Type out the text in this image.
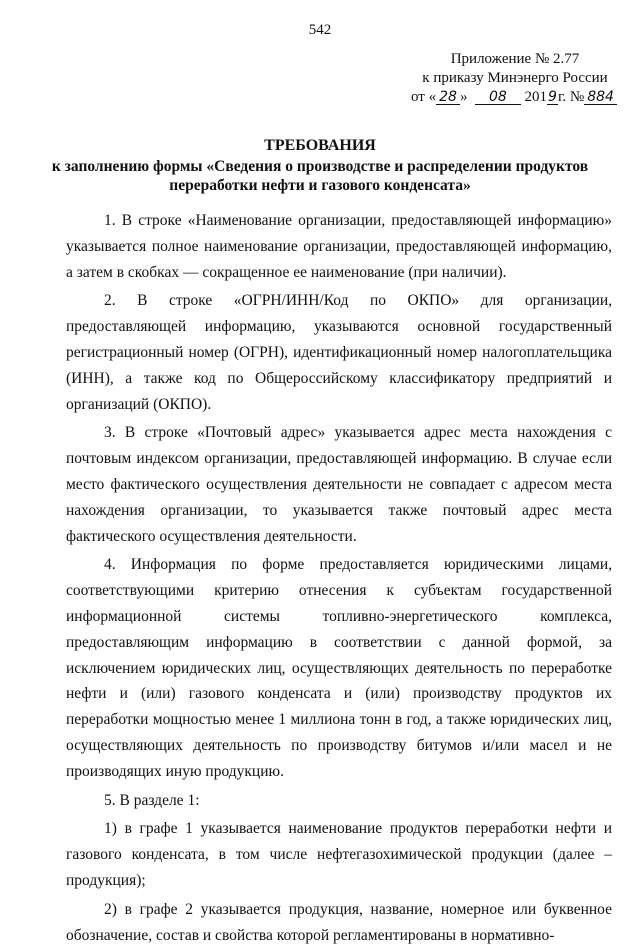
542
Приложение № 2.77
к приказу Минэнерго России
от « 28 » 08 2019г. № 884
ТРЕБОВАНИЯ
к заполнению формы «Сведения о производстве и распределении продуктов
переработки нефти и газового конденсата»

1. В строке «Наименование организации, предоставляющей информацию» указывается полное наименование организации, предоставляющей информацию, а затем в скобках — сокращенное ее наименование (при наличии).

2. В строке «ОГРН/ИНН/Код по ОКПО» для организации, предоставляющей информацию, указываются основной государственный регистрационный номер (ОГРН), идентификационный номер налогоплательщика (ИНН), а также код по Общероссийскому классификатору предприятий и организаций (ОКПО).

3. В строке «Почтовый адрес» указывается адрес места нахождения с почтовым индексом организации, предоставляющей информацию. В случае если место фактического осуществления деятельности не совпадает с адресом места нахождения организации, то указывается также почтовый адрес места фактического осуществления деятельности.

4. Информация по форме предоставляется юридическими лицами, соответствующими критерию отнесения к субъектам государственной информационной системы топливно-энергетического комплекса, предоставляющим информацию в соответствии с данной формой, за исключением юридических лиц, осуществляющих деятельность по переработке нефти и (или) газового конденсата и (или) производству продуктов их переработки мощностью менее 1 миллиона тонн в год, а также юридических лиц, осуществляющих деятельность по производству битумов и/или масел и не производящих иную продукцию.

5. В разделе 1:

1) в графе 1 указывается наименование продуктов переработки нефти и газового конденсата, в том числе нефтегазохимической продукции (далее – продукция);

2) в графе 2 указывается продукция, название, номерное или буквенное обозначение, состав и свойства которой регламентированы в нормативно-
